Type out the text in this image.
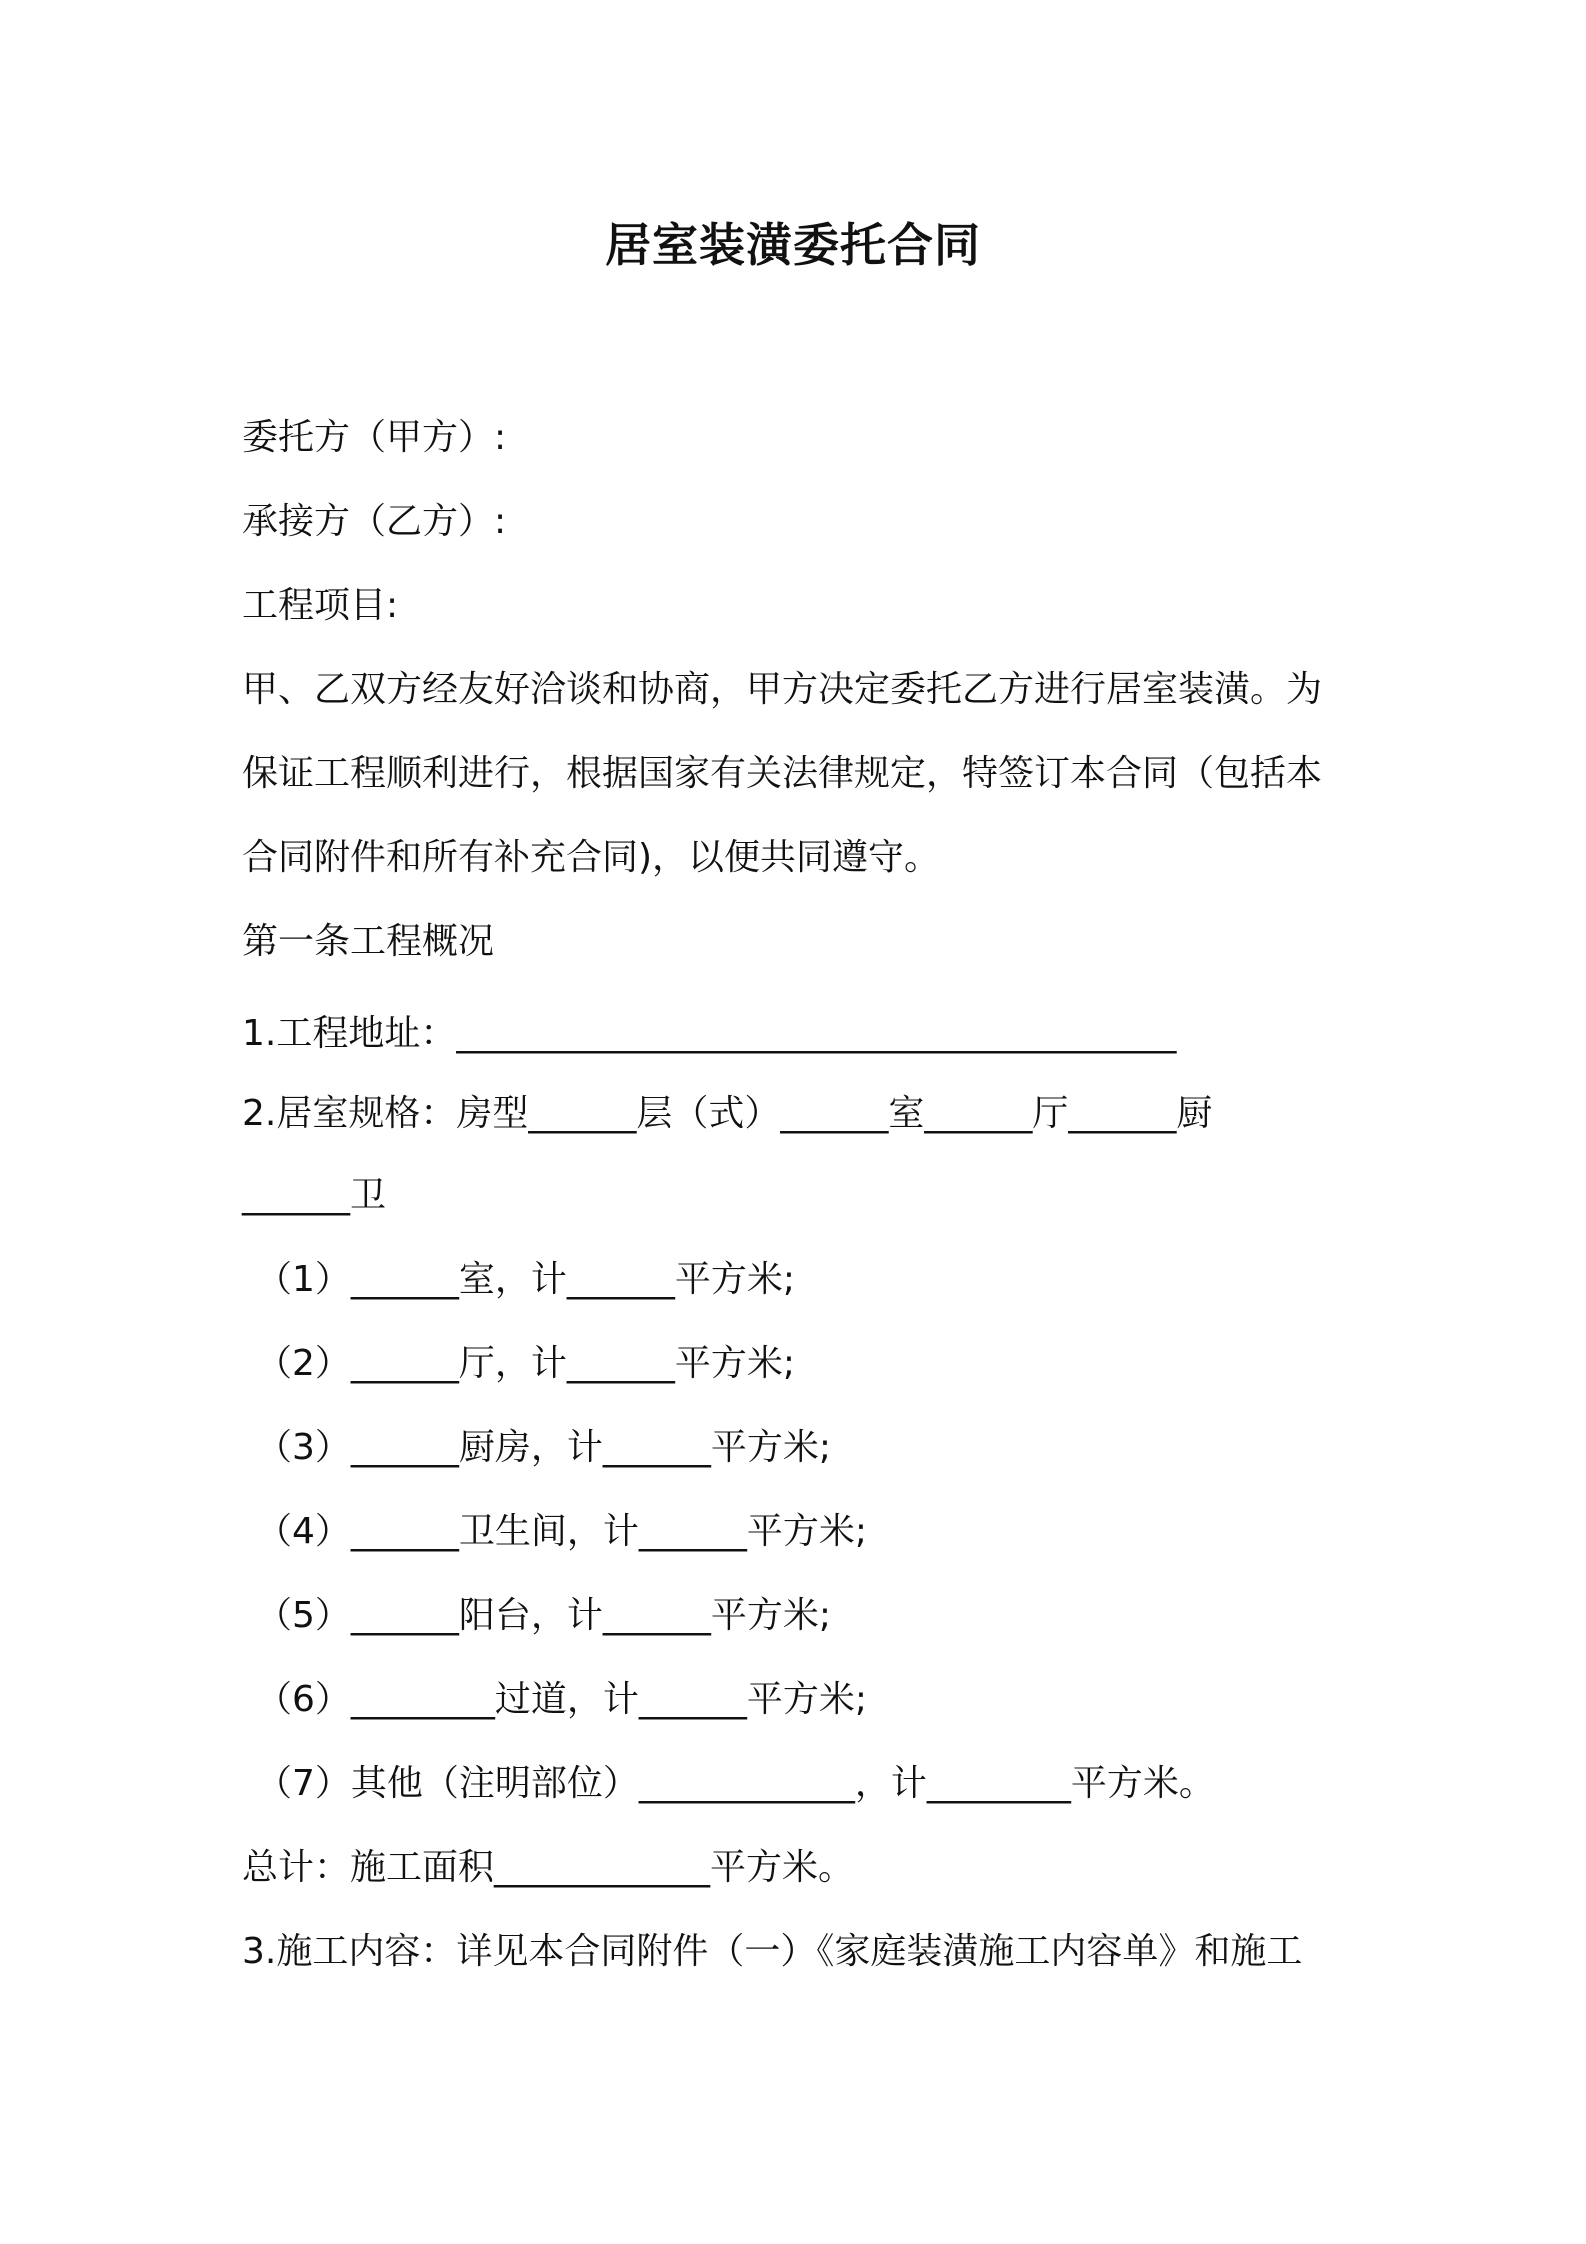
居室装潢委托合同
委托方（甲方）:
承接方（乙方）:
工程项目:
甲、乙双方经友好洽谈和协商，甲方决定委托乙方进行居室装潢。为
保证工程顺利进行，根据国家有关法律规定，特签订本合同（包括本
合同附件和所有补充合同)，以便共同遵守。
第一条工程概况
1.工程地址：________________________________________
2.居室规格：房型______层（式）______室______厅______厨
______卫
（1）______室，计______平方米;
（2）______厅，计______平方米;
（3）______厨房，计______平方米;
（4）______卫生间，计______平方米;
（5）______阳台，计______平方米;
（6）________过道，计______平方米;
（7）其他（注明部位）____________，计________平方米。
总计：施工面积____________平方米。
3.施工内容：详见本合同附件（一）《家庭装潢施工内容单》和施工
